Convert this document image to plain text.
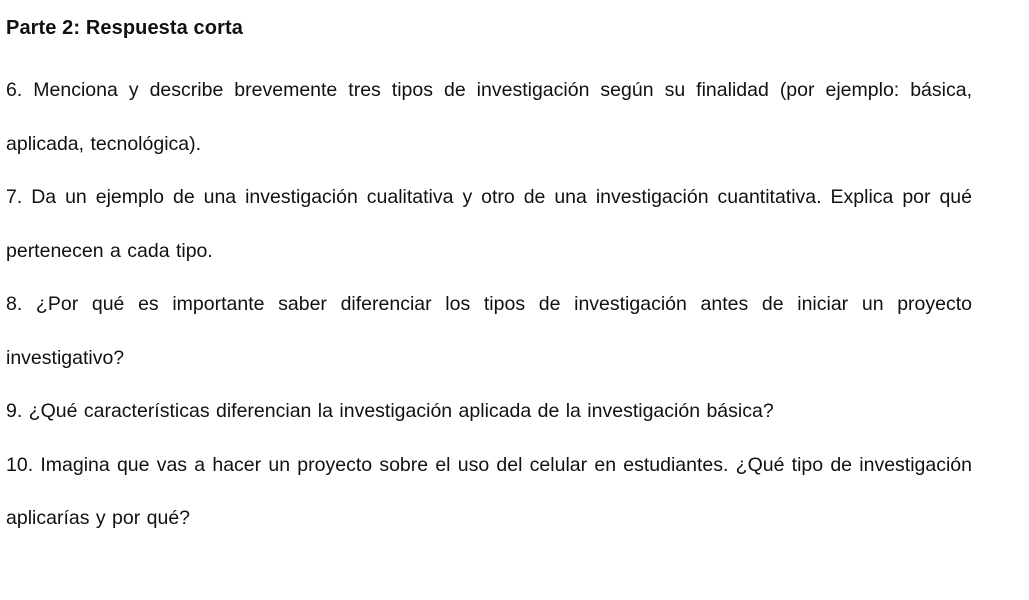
Parte 2: Respuesta corta
6. Menciona y describe brevemente tres tipos de investigación según su finalidad (por ejemplo: básica, aplicada, tecnológica).
7. Da un ejemplo de una investigación cualitativa y otro de una investigación cuantitativa. Explica por qué pertenecen a cada tipo.
8. ¿Por qué es importante saber diferenciar los tipos de investigación antes de iniciar un proyecto investigativo?
9. ¿Qué características diferencian la investigación aplicada de la investigación básica?
10. Imagina que vas a hacer un proyecto sobre el uso del celular en estudiantes. ¿Qué tipo de investigación aplicarías y por qué?
